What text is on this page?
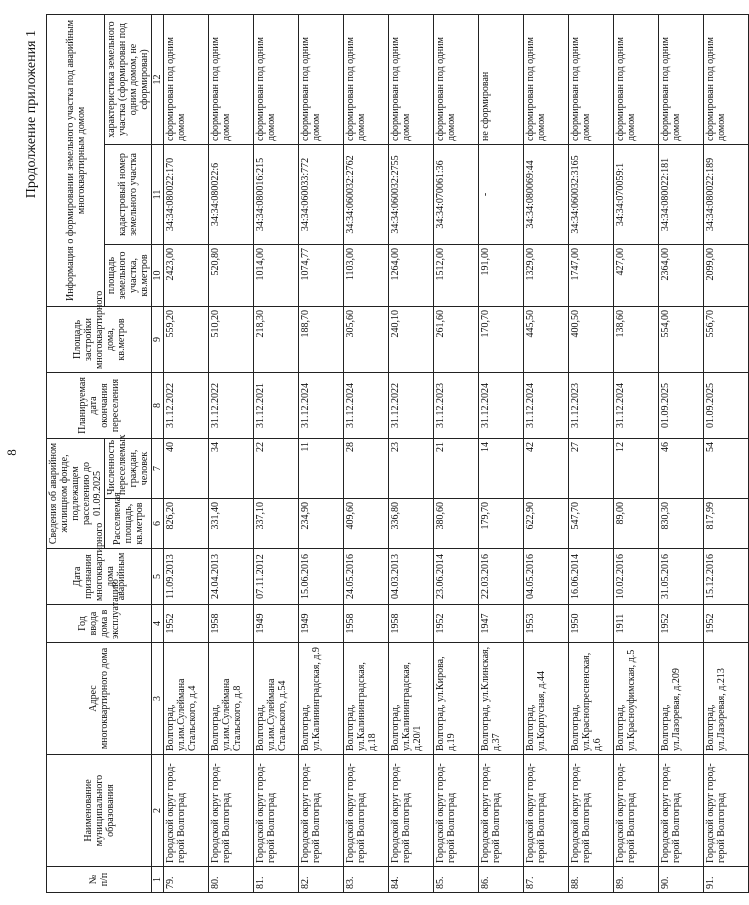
8
Продолжение приложения 1
№ п/п	Наименование муниципального образования	Адрес многоквартирного дома	Год ввода дома в эксплуатацию	Дата признания многоквартирного дома аварийным	Сведения об аварийном жилищном фонде, подлежащем расселению до 01.09.2025		Планируемая дата окончания переселения	Площадь застройки многоквартирного дома, кв.метров	Информация о формировании земельного участка под аварийным многоквартирным домом		
					Расселяемая площадь, кв.метров	Численность переселяемых граждан, человек			площадь земельного участка, кв.метров	кадастровый номер земельного участка	характеристика земельного участка (сформирован под одним домом, не сформирован)
1	2	3	4	5	6	7	8	9	10	11	12
79.	Городской округ город-герой Волгоград	Волгоград, ул.им.Сулеймана Стальского, д.4	1952	11.09.2013	826,20	40	31.12.2022	559,20	2423,00	34:34:080022:170	сформирован под одним домом
80.	Городской округ город-герой Волгоград	Волгоград, ул.им.Сулеймана Стальского, д.8	1958	24.04.2013	331,40	34	31.12.2022	510,20	520,80	34:34:080022:6	сформирован под одним домом
81.	Городской округ город-герой Волгоград	Волгоград, ул.им.Сулеймана Стальского, д.54	1949	07.11.2012	337,10	22	31.12.2021	218,30	1014,00	34:34:080016:215	сформирован под одним домом
82.	Городской округ город-герой Волгоград	Волгоград, ул.Калининградская, д.9	1949	15.06.2016	234,90	11	31.12.2024	188,70	1074,77	34:34:060033:772	сформирован под одним домом
83.	Городской округ город-герой Волгоград	Волгоград, ул.Калининградская, д.18	1958	24.05.2016	409,60	28	31.12.2024	305,60	1103,00	34:34:060032:2762	сформирован под одним домом
84.	Городской округ город-герой Волгоград	Волгоград, ул.Калининградская, д.20/1	1958	04.03.2013	336,80	23	31.12.2022	240,10	1264,00	34:34:060032:2755	сформирован под одним домом
85.	Городской округ город-герой Волгоград	Волгоград, ул.Кирова, д.19	1952	23.06.2014	380,60	21	31.12.2023	261,60	1512,00	34:34:070061:36	сформирован под одним домом
86.	Городской округ город-герой Волгоград	Волгоград, ул.Клинская, д.37	1947	22.03.2016	179,70	14	31.12.2024	170,70	191,00	-	не сформирован
87.	Городской округ город-герой Волгоград	Волгоград, ул.Корпусная, д.44	1953	04.05.2016	622,90	42	31.12.2024	445,50	1329,00	34:34:080069:44	сформирован под одним домом
88.	Городской округ город-герой Волгоград	Волгоград, ул.Краснопресненская, д.6	1950	16.06.2014	547,70	27	31.12.2023	400,50	1747,00	34:34:060032:3165	сформирован под одним домом
89.	Городской округ город-герой Волгоград	Волгоград, ул.Красноуфимская, д.5	1911	10.02.2016	89,00	12	31.12.2024	138,60	427,00	34:34:070059:1	сформирован под одним домом
90.	Городской округ город-герой Волгоград	Волгоград, ул.Лазоревая, д.209	1952	31.05.2016	830,30	46	01.09.2025	554,00	2364,00	34:34:080022:181	сформирован под одним домом
91.	Городской округ город-герой Волгоград	Волгоград, ул.Лазоревая, д.213	1952	15.12.2016	817,99	54	01.09.2025	556,70	2099,00	34:34:080022:189	сформирован под одним домом
